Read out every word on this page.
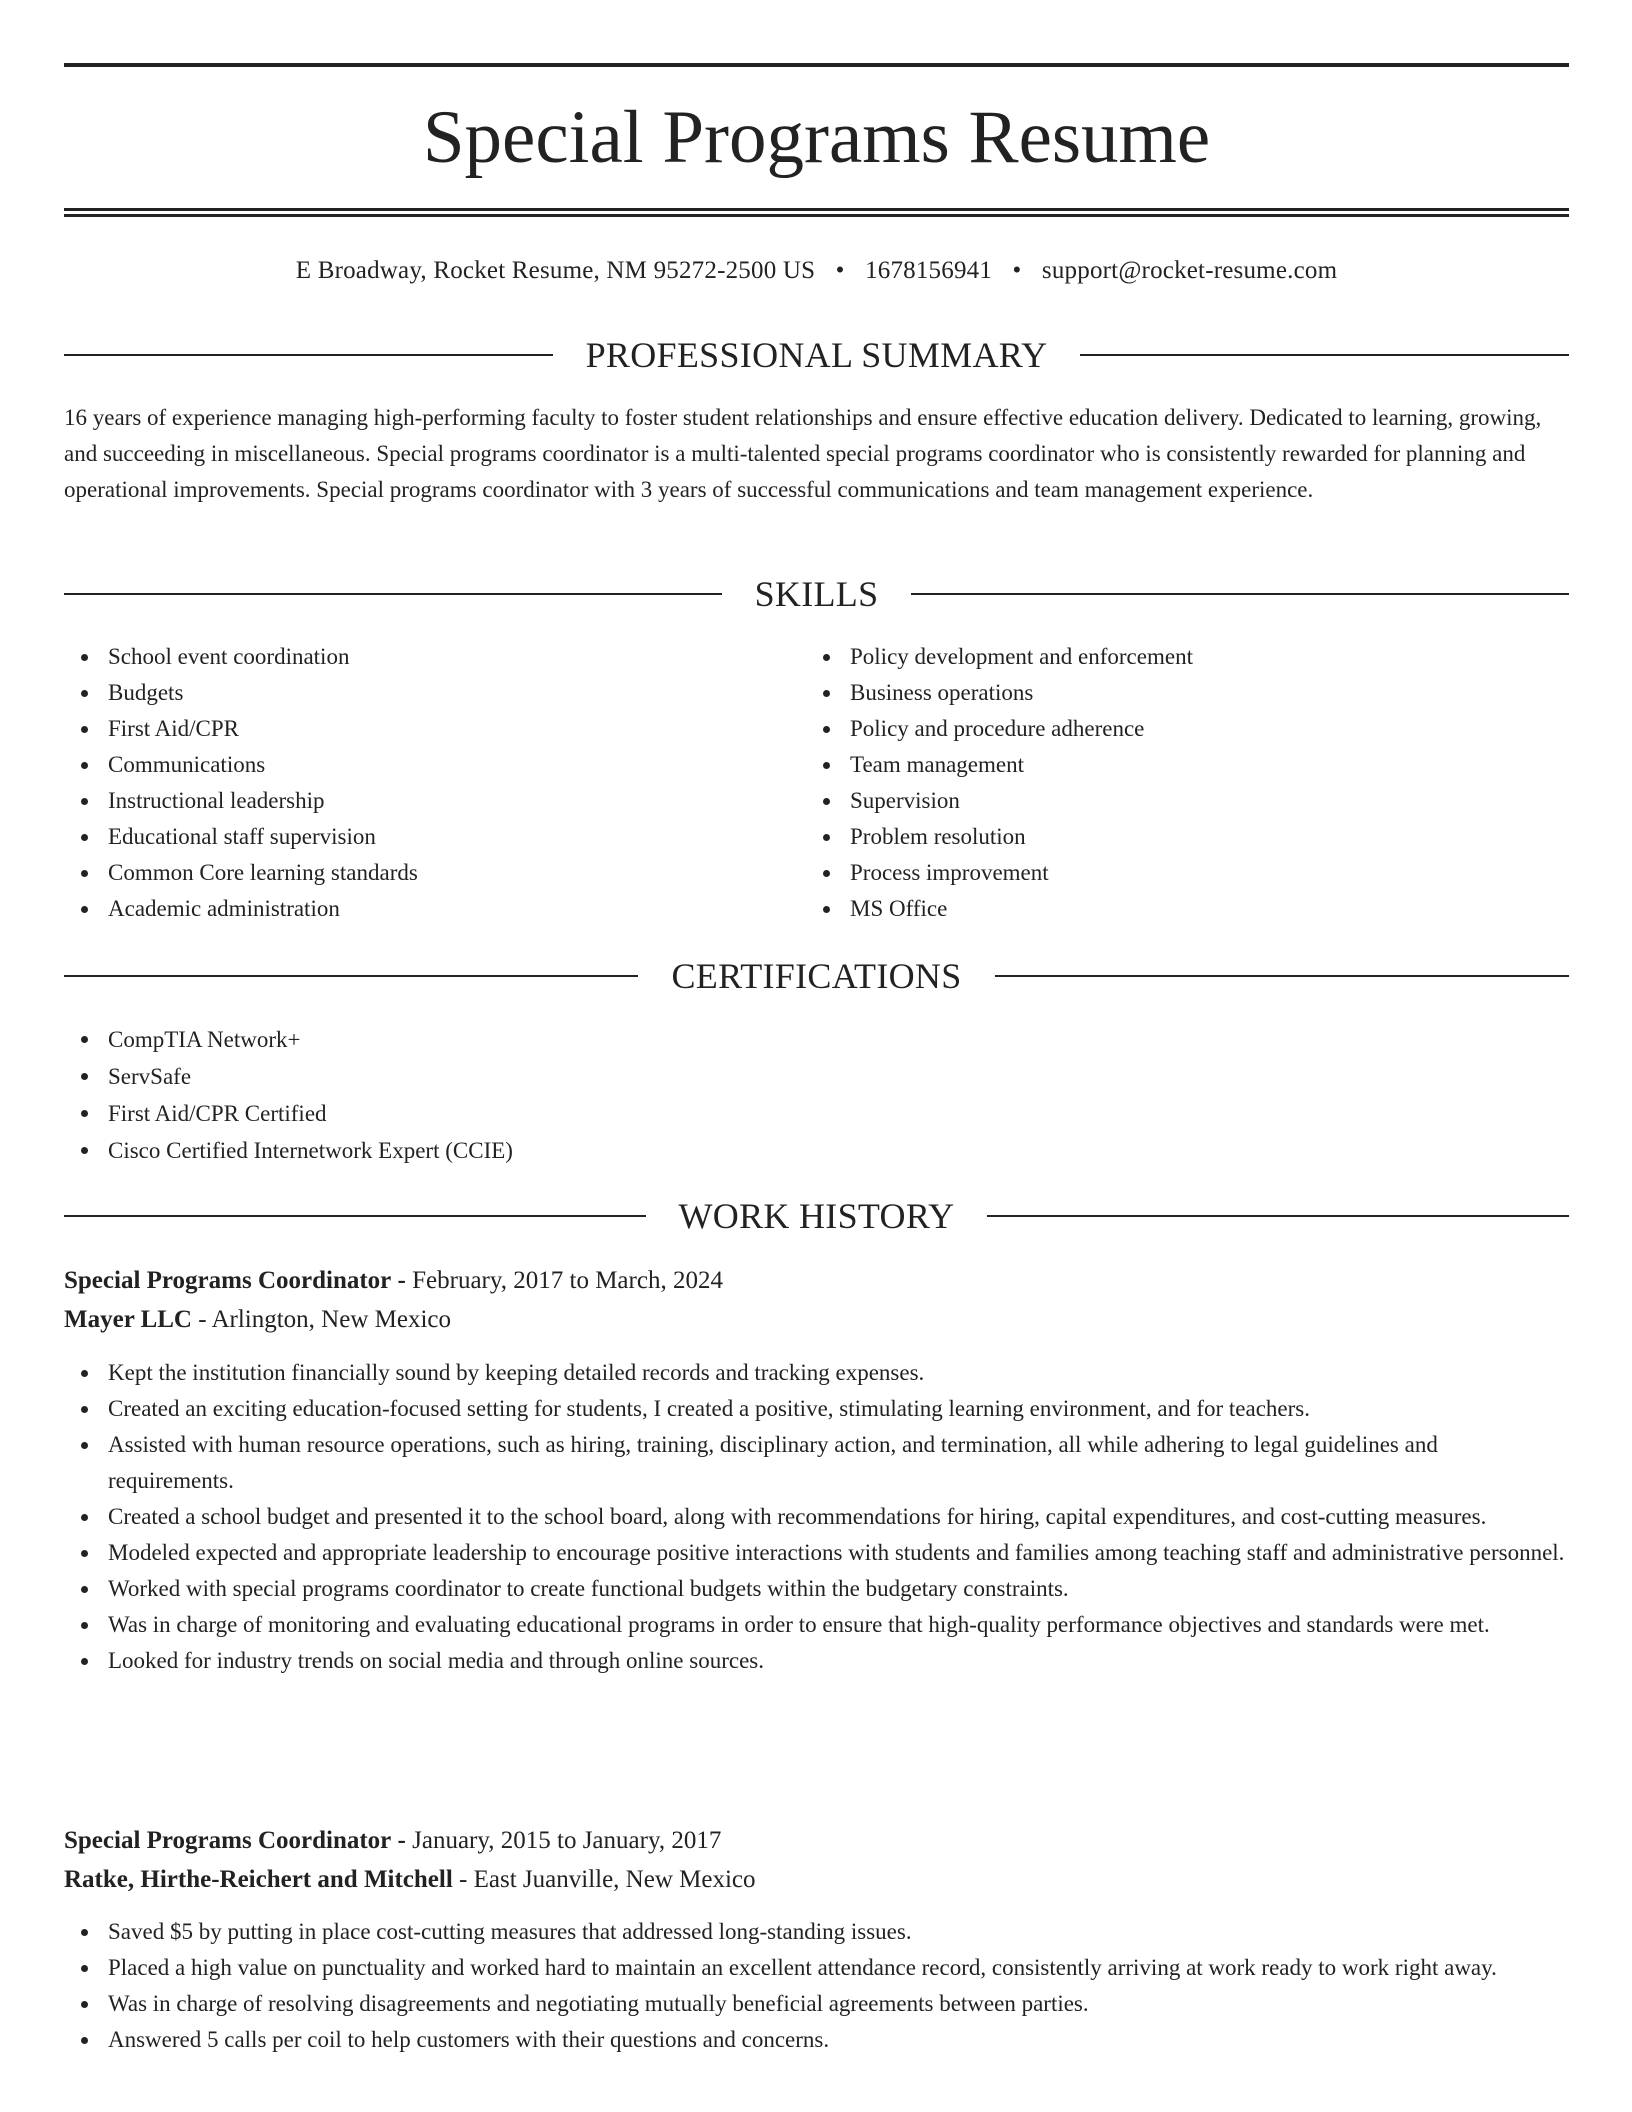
Special Programs Resume
E Broadway, Rocket Resume, NM 95272-2500 US • 1678156941 • support@rocket-resume.com
PROFESSIONAL SUMMARY

16 years of experience managing high-performing faculty to foster student relationships and ensure effective education delivery. Dedicated to learning, growing, and succeeding in miscellaneous. Special programs coordinator is a multi-talented special programs coordinator who is consistently rewarded for planning and operational improvements. Special programs coordinator with 3 years of successful communications and team management experience.

SKILLS
School event coordination
Budgets
First Aid/CPR
Communications
Instructional leadership
Educational staff supervision
Common Core learning standards
Academic administration
Policy development and enforcement
Business operations
Policy and procedure adherence
Team management
Supervision
Problem resolution
Process improvement
MS Office
CERTIFICATIONS
CompTIA Network+
ServSafe
First Aid/CPR Certified
Cisco Certified Internetwork Expert (CCIE)
WORK HISTORY
Special Programs Coordinator - February, 2017 to March, 2024
Mayer LLC - Arlington, New Mexico
Kept the institution financially sound by keeping detailed records and tracking expenses.
Created an exciting education-focused setting for students, I created a positive, stimulating learning environment, and for teachers.
Assisted with human resource operations, such as hiring, training, disciplinary action, and termination, all while adhering to legal guidelines and requirements.
Created a school budget and presented it to the school board, along with recommendations for hiring, capital expenditures, and cost-cutting measures.
Modeled expected and appropriate leadership to encourage positive interactions with students and families among teaching staff and administrative personnel.
Worked with special programs coordinator to create functional budgets within the budgetary constraints.
Was in charge of monitoring and evaluating educational programs in order to ensure that high-quality performance objectives and standards were met.
Looked for industry trends on social media and through online sources.
Special Programs Coordinator - January, 2015 to January, 2017
Ratke, Hirthe-Reichert and Mitchell - East Juanville, New Mexico
Saved $5 by putting in place cost-cutting measures that addressed long-standing issues.
Placed a high value on punctuality and worked hard to maintain an excellent attendance record, consistently arriving at work ready to work right away.
Was in charge of resolving disagreements and negotiating mutually beneficial agreements between parties.
Answered 5 calls per coil to help customers with their questions and concerns.
